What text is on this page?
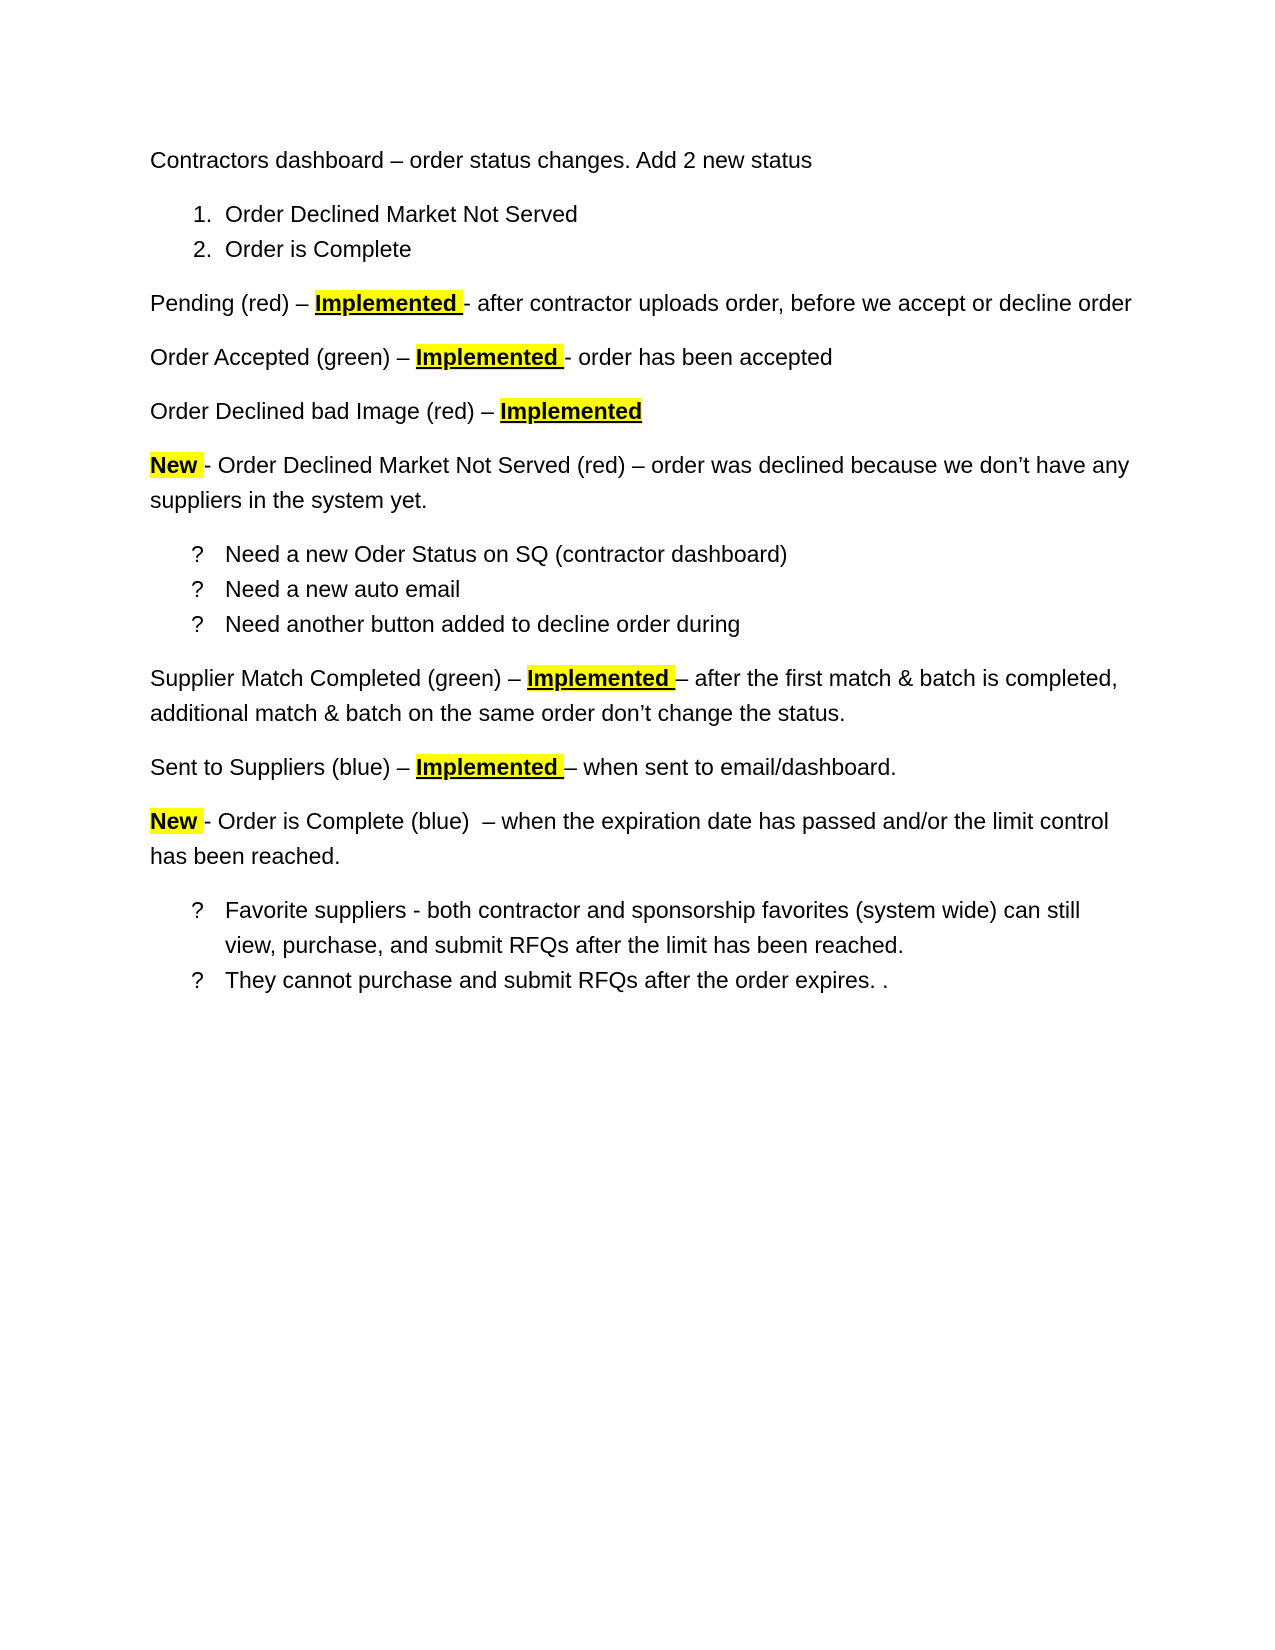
Contractors dashboard – order status changes. Add 2 new status

1. Order Declined Market Not Served
2. Order is Complete

Pending (red) – Implemented - after contractor uploads order, before we accept or decline order

Order Accepted (green) – Implemented - order has been accepted

Order Declined bad Image (red) – Implemented

New - Order Declined Market Not Served (red) – order was declined because we don’t have any suppliers in the system yet.

? Need a new Oder Status on SQ (contractor dashboard)
? Need a new auto email
? Need another button added to decline order during

Supplier Match Completed (green) – Implemented – after the first match & batch is completed, additional match & batch on the same order don’t change the status.

Sent to Suppliers (blue) – Implemented – when sent to email/dashboard.

New - Order is Complete (blue)  – when the expiration date has passed and/or the limit control has been reached.

? Favorite suppliers - both contractor and sponsorship favorites (system wide) can still view, purchase, and submit RFQs after the limit has been reached.
? They cannot purchase and submit RFQs after the order expires. .
